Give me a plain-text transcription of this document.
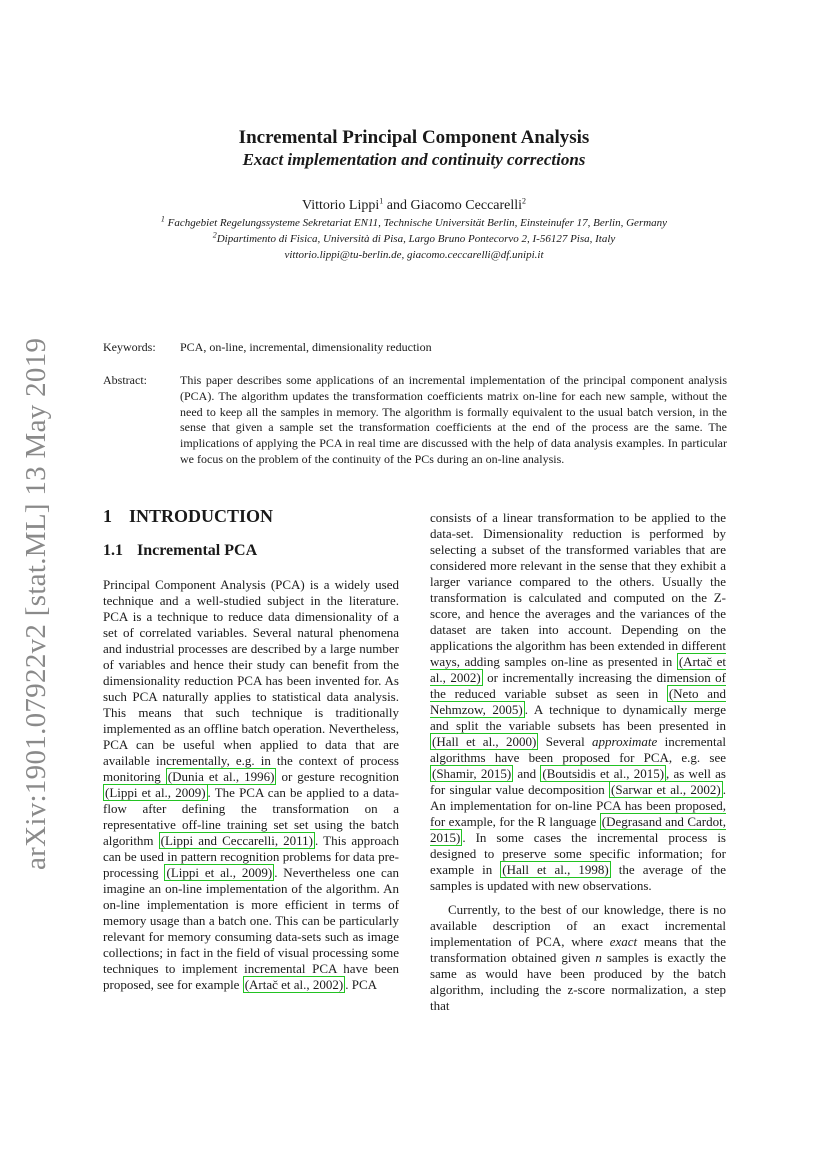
arXiv:1901.07922v2 [stat.ML] 13 May 2019
Incremental Principal Component Analysis
Exact implementation and continuity corrections
Vittorio Lippi$^1$ and Giacomo Ceccarelli$^2$
$^1$ Fachgebiet Regelungssysteme Sekretariat EN11, Technische Universität Berlin, Einsteinufer 17, Berlin, Germany
$^2$Dipartimento di Fisica, Università di Pisa, Largo Bruno Pontecorvo 2, I-56127 Pisa, Italy
vittorio.lippi@tu-berlin.de, giacomo.ceccarelli@df.unipi.it
Keywords:	PCA, on-line, incremental, dimensionality reduction
Abstract:	This paper describes some applications of an incremental implementation of the principal component analysis (PCA). The algorithm updates the transformation coefficients matrix on-line for each new sample, without the need to keep all the samples in memory. The algorithm is formally equivalent to the usual batch version, in the sense that given a sample set the transformation coefficients at the end of the process are the same. The implications of applying the PCA in real time are discussed with the help of data analysis examples. In particular we focus on the problem of the continuity of the PCs during an on-line analysis.
1 INTRODUCTION
1.1 Incremental PCA

Principal Component Analysis (PCA) is a widely used technique and a well-studied subject in the literature. PCA is a technique to reduce data dimensionality of a set of correlated variables. Several natural phenomena and industrial processes are described by a large number of variables and hence their study can benefit from the dimensionality reduction PCA has been invented for. As such PCA naturally applies to statistical data analysis. This means that such technique is traditionally implemented as an offline batch operation. Nevertheless, PCA can be useful when applied to data that are available incrementally, e.g. in the context of process monitoring (Dunia et al., 1996) or gesture recognition (Lippi et al., 2009) . The PCA can be applied to a data-flow after defining the transformation on a representative off-line training set set using the batch algorithm (Lippi and Ceccarelli, 2011) . This approach can be used in pattern recognition problems for data pre-processing (Lippi et al., 2009) . Nevertheless one can imagine an on-line implementation of the algorithm. An on-line implementation is more efficient in terms of memory usage than a batch one. This can be particularly relevant for memory consuming data-sets such as image collections; in fact in the field of visual processing some techniques to implement incremental PCA have been proposed, see for example (Artač et al., 2002) . PCA

consists of a linear transformation to be applied to the data-set. Dimensionality reduction is performed by selecting a subset of the transformed variables that are considered more relevant in the sense that they exhibit a larger variance compared to the others. Usually the transformation is calculated and computed on the Z-score, and hence the averages and the variances of the dataset are taken into account. Depending on the applications the algorithm has been extended in different ways, adding samples on-line as presented in (Artač et al., 2002) or incrementally increasing the dimension of the reduced variable subset as seen in (Neto and Nehmzow, 2005) . A technique to dynamically merge and split the variable subsets has been presented in (Hall et al., 2000) Several approximate incremental algorithms have been proposed for PCA, e.g. see (Shamir, 2015) and (Boutsidis et al., 2015) , as well as for singular value decomposition (Sarwar et al., 2002) . An implementation for on-line PCA has been proposed, for example, for the R language (Degrasand and Cardot, 2015) . In some cases the incremental process is designed to preserve some specific information; for example in (Hall et al., 1998) the average of the samples is updated with new observations.

Currently, to the best of our knowledge, there is no available description of an exact incremental implementation of PCA, where exact means that the transformation obtained given n samples is exactly the same as would have been produced by the batch algorithm, including the z-score normalization, a step that
